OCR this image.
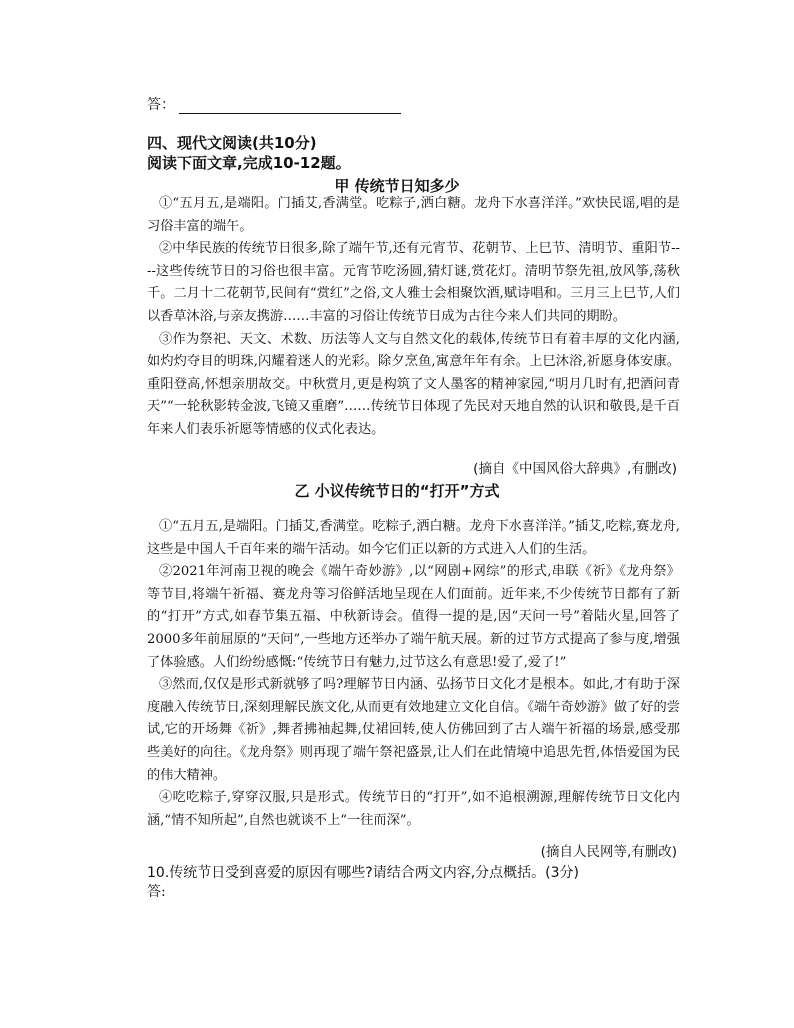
答：
四、现代文阅读(共10分)
阅读下面文章,完成10-12题。
甲 传统节日知多少

①“五月五,是端阳。门插艾,香满堂。吃粽子,洒白糖。龙舟下水喜洋洋。”欢快民谣,唱的是习俗丰富的端午。

②中华民族的传统节日很多,除了端午节,还有元宵节、花朝节、上巳节、清明节、重阳节----这些传统节日的习俗也很丰富。元宵节吃汤圆,猜灯谜,赏花灯。清明节祭先祖,放风筝,荡秋千。二月十二花朝节,民间有“赏红”之俗,文人雅士会相聚饮酒,赋诗唱和。三月三上巳节,人们以香草沐浴,与亲友携游……丰富的习俗让传统节日成为古往今来人们共同的期盼。

③作为祭祀、天文、术数、历法等人文与自然文化的载体,传统节日有着丰厚的文化内涵,如灼灼夺目的明珠,闪耀着迷人的光彩。除夕烹鱼,寓意年年有余。上巳沐浴,祈愿身体安康。重阳登高,怀想亲朋故交。中秋赏月,更是构筑了文人墨客的精神家园,“明月几时有,把酒问青天”“一轮秋影转金波,飞镜又重磨”……传统节日体现了先民对天地自然的认识和敬畏,是千百年来人们表乐祈愿等情感的仪式化表达。

(摘自《中国风俗大辞典》,有删改)
乙 小议传统节日的“打开”方式

①“五月五,是端阳。门插艾,香满堂。吃粽子,洒白糖。龙舟下水喜洋洋。”插艾,吃粽,赛龙舟,这些是中国人千百年来的端午活动。如今它们正以新的方式进入人们的生活。

②2021年河南卫视的晚会《端午奇妙游》,以“网剧+网综”的形式,串联《祈》《龙舟祭》等节目,将端午祈福、赛龙舟等习俗鲜活地呈现在人们面前。近年来,不少传统节日都有了新的“打开”方式,如春节集五福、中秋新诗会。值得一提的是,因“天问一号”着陆火星,回答了2000多年前屈原的“天问”,一些地方还举办了端午航天展。新的过节方式提高了参与度,增强了体验感。人们纷纷感慨:“传统节日有魅力,过节这么有意思!爱了,爱了!”

③然而,仅仅是形式新就够了吗?理解节日内涵、弘扬节日文化才是根本。如此,才有助于深度融入传统节日,深刻理解民族文化,从而更有效地建立文化自信。《端午奇妙游》做了好的尝试,它的开场舞《祈》,舞者拂袖起舞,仗裙回转,使人仿佛回到了古人端午祈福的场景,感受那些美好的向往。《龙舟祭》则再现了端午祭祀盛景,让人们在此情境中追思先哲,体悟爱国为民的伟大精神。

④吃吃粽子,穿穿汉服,只是形式。传统节日的“打开”,如不追根溯源,理解传统节日文化内涵,“情不知所起”,自然也就谈不上“一往而深”。

(摘自人民网等,有删改)
10.传统节日受到喜爱的原因有哪些?请结合两文内容,分点概括。(3分)
答:
